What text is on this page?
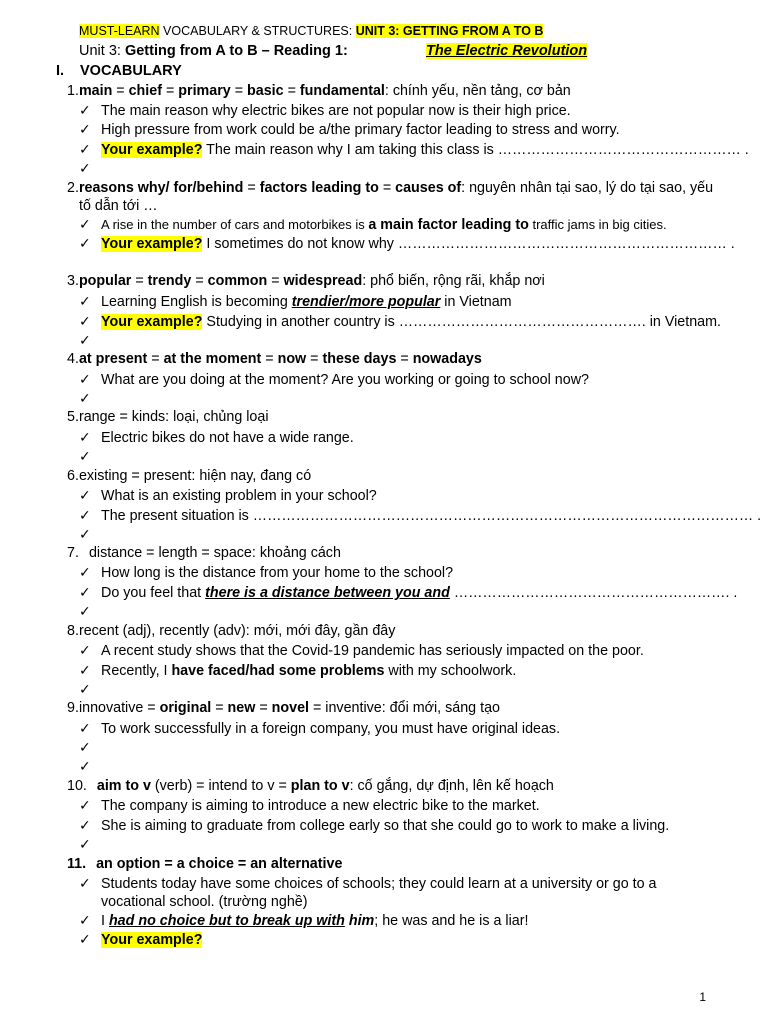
MUST-LEARN VOCABULARY & STRUCTURES: UNIT 3: GETTING FROM A TO B
Unit 3: Getting from A to B – Reading 1:	The Electric Revolution
I. VOCABULARY
1.main = chief = primary = basic = fundamental: chính yếu, nền tảng, cơ bản
✓ The main reason why electric bikes are not popular now is their high price.
✓ High pressure from work could be a/the primary factor leading to stress and worry.
✓ Your example? The main reason why I am taking this class is …………………………………………… .
✓
2.reasons why/ for/behind = factors leading to = causes of: nguyên nhân tại sao, lý do tại sao, yếu
tố dẫn tới …
✓ A rise in the number of cars and motorbikes is a main factor leading to traffic jams in big cities.
✓ Your example? I sometimes do not know why …………………………………………………………… .
3.popular = trendy = common = widespread: phổ biến, rộng rãi, khắp nơi
✓ Learning English is becoming trendier/more popular in Vietnam
✓ Your example? Studying in another country is ……………………………………………. in Vietnam.
✓
4.at present = at the moment = now = these days = nowadays
✓ What are you doing at the moment? Are you working or going to school now?
✓
5.range = kinds: loại, chủng loại
✓ Electric bikes do not have a wide range.
✓
6.existing = present: hiện nay, đang có
✓ What is an existing problem in your school?
✓ The present situation is …………………………………………………………………………………………… .
✓
7. distance = length = space: khoảng cách
✓ How long is the distance from your home to the school?
✓ Do you feel that there is a distance between you and …………………………………………………. .
✓
8.recent (adj), recently (adv): mới, mới đây, gần đây
✓ A recent study shows that the Covid-19 pandemic has seriously impacted on the poor.
✓ Recently, I have faced/had some problems with my schoolwork.
✓
9.innovative = original = new = novel = inventive: đổi mới, sáng tạo
✓ To work successfully in a foreign company, you must have original ideas.
✓
✓
10. aim to v (verb) = intend to v = plan to v: cố gắng, dự định, lên kế hoạch
✓ The company is aiming to introduce a new electric bike to the market.
✓ She is aiming to graduate from college early so that she could go to work to make a living.
✓
11. an option = a choice = an alternative
✓ Students today have some choices of schools; they could learn at a university or go to a
vocational school. (trường nghề)
✓ I had no choice but to break up with him; he was and he is a liar!
✓ Your example?
1
